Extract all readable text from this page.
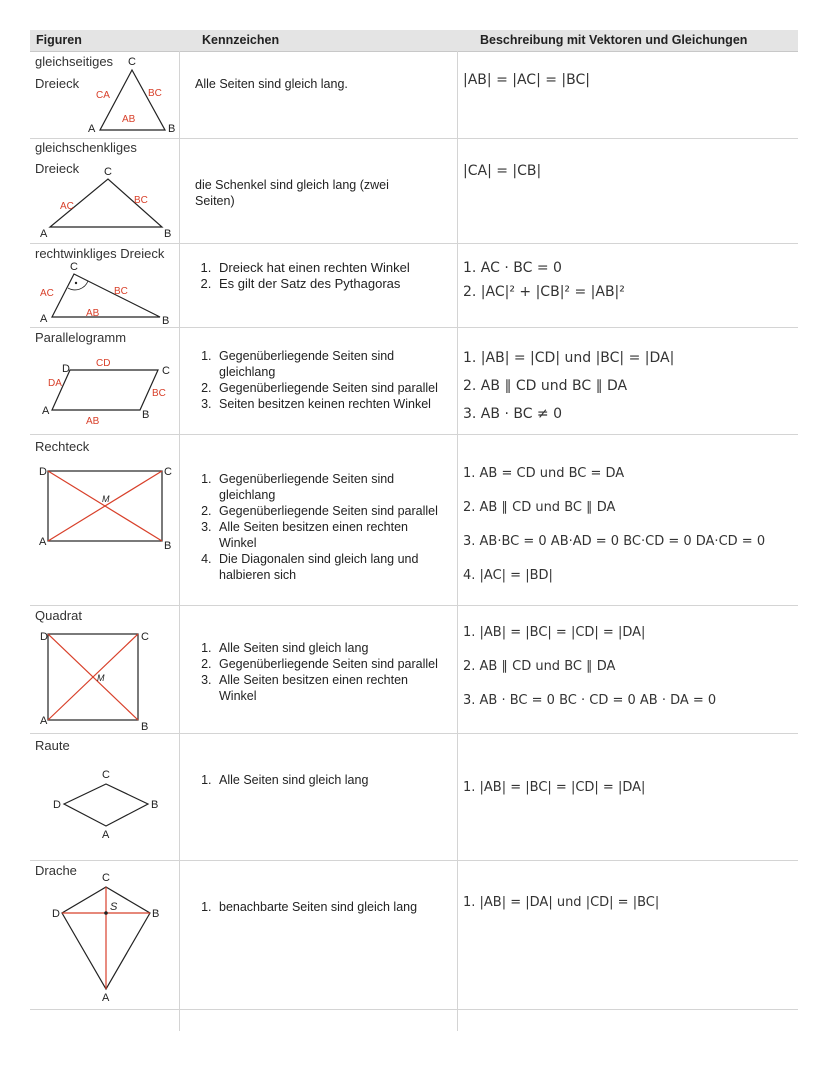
Figuren	Kennzeichen	Beschreibung mit Vektoren und Gleichungen
gleichseitiges
Dreieck
A	B
C
CA	BC
AB
Alle Seiten sind gleich lang.	|AB| = |AC| = |BC|
gleichschenkliges
Dreieck
A	B
C
AC
BC
die Schenkel sind gleich lang (zwei Seiten)
|CA| = |CB|
rechtwinkliges Dreieck
A	B
C
AC	BC
AB
1. Dreieck hat einen rechten Winkel
2. Es gilt der Satz des Pythagoras
1. AC · BC = 0
2. |AC|² + |CB|² = |AB|²
Parallelogramm
A	B
C
D	CD
DA
BC
AB
1. Gegenüberliegende Seiten sind gleichlang
2. Gegenüberliegende Seiten sind parallel
3. Seiten besitzen keinen rechten Winkel
1. |AB| = |CD| und |BC| = |DA|
2. AB ∥ CD und BC ∥ DA
3. AB · BC ≠ 0
Rechteck
A	B
C
D
M
1. Gegenüberliegende Seiten sind gleichlang
2. Gegenüberliegende Seiten sind parallel
3. Alle Seiten besitzen einen rechten Winkel
4. Die Diagonalen sind gleich lang und halbieren sich
1. AB = CD und BC = DA
2. AB ∥ CD und BC ∥ DA
3. AB·BC = 0 AB·AD = 0 BC·CD = 0 DA·CD = 0
4. |AC| = |BD|
Quadrat
A	B
C
D
M
1. Alle Seiten sind gleich lang
2. Gegenüberliegende Seiten sind parallel
3. Alle Seiten besitzen einen rechten Winkel
1. |AB| = |BC| = |CD| = |DA|
2. AB ∥ CD und BC ∥ DA
3. AB · BC = 0 BC · CD = 0 AB · DA = 0
Raute
A
B
C
D
1. Alle Seiten sind gleich lang	1. |AB| = |BC| = |CD| = |DA|
Drache
A
B
C
D
S
1.	benachbarte Seiten sind gleich lang	1. |AB| = |DA| und |CD| = |BC|
